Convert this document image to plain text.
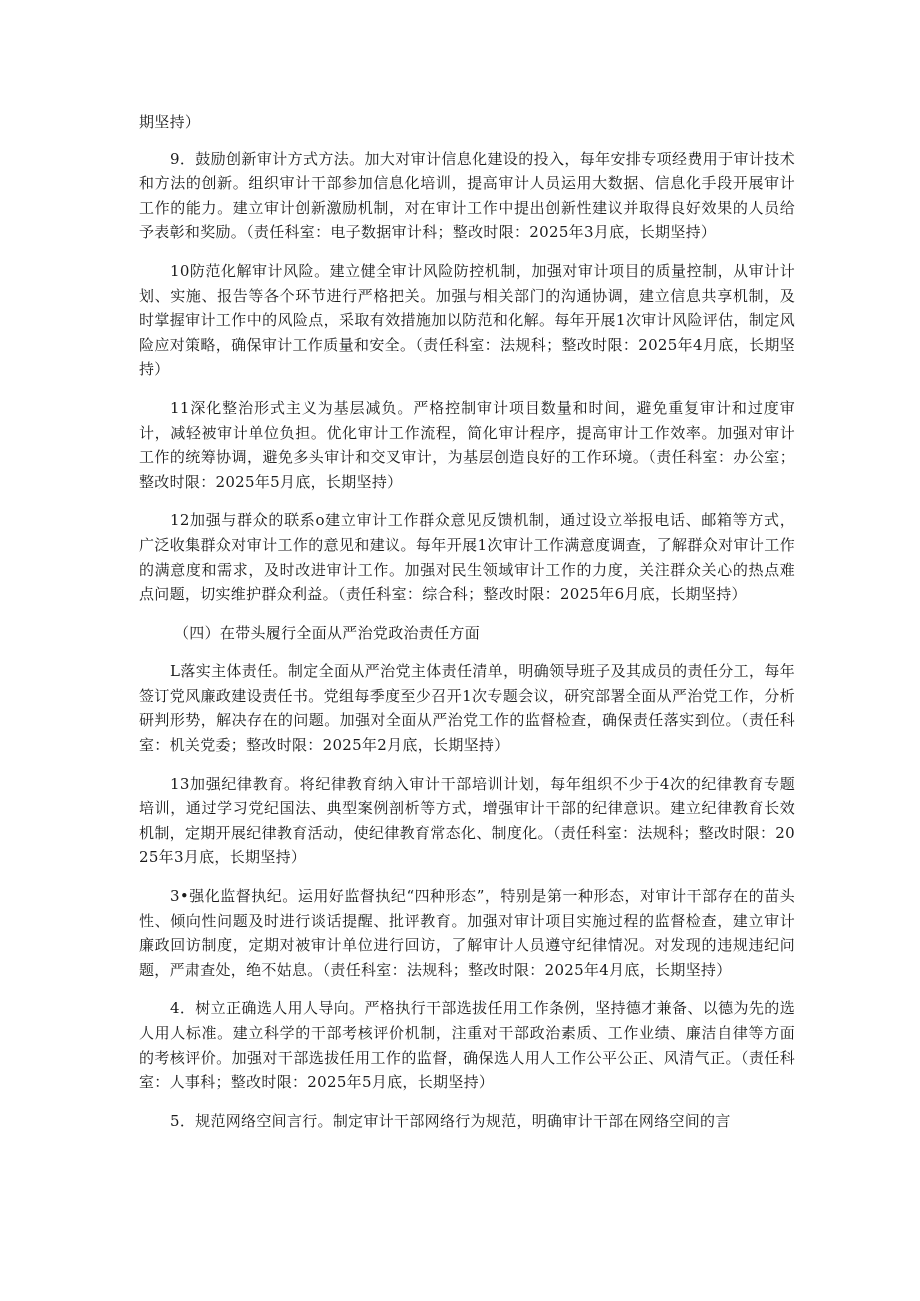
期坚持）

9．鼓励创新审计方式方法。加大对审计信息化建设的投入，每年安排专项经费用于审计技术和方法的创新。组织审计干部参加信息化培训，提高审计人员运用大数据、信息化手段开展审计工作的能力。建立审计创新激励机制，对在审计工作中提出创新性建议并取得良好效果的人员给予表彰和奖励。（责任科室：电子数据审计科；整改时限：2025年3月底，长期坚持）

10防范化解审计风险。建立健全审计风险防控机制，加强对审计项目的质量控制，从审计计划、实施、报告等各个环节进行严格把关。加强与相关部门的沟通协调，建立信息共享机制，及时掌握审计工作中的风险点，采取有效措施加以防范和化解。每年开展1次审计风险评估，制定风险应对策略，确保审计工作质量和安全。（责任科室：法规科；整改时限：2025年4月底，长期坚持）

11深化整治形式主义为基层减负。严格控制审计项目数量和时间，避免重复审计和过度审计，减轻被审计单位负担。优化审计工作流程，简化审计程序，提高审计工作效率。加强对审计工作的统筹协调，避免多头审计和交叉审计，为基层创造良好的工作环境。（责任科室：办公室；整改时限：2025年5月底，长期坚持）

12加强与群众的联系o建立审计工作群众意见反馈机制，通过设立举报电话、邮箱等方式，广泛收集群众对审计工作的意见和建议。每年开展1次审计工作满意度调查，了解群众对审计工作的满意度和需求，及时改进审计工作。加强对民生领域审计工作的力度，关注群众关心的热点难点问题，切实维护群众利益。（责任科室：综合科；整改时限：2025年6月底，长期坚持）

（四）在带头履行全面从严治党政治责任方面

L落实主体责任。制定全面从严治党主体责任清单，明确领导班子及其成员的责任分工，每年签订党风廉政建设责任书。党组每季度至少召开1次专题会议，研究部署全面从严治党工作，分析研判形势，解决存在的问题。加强对全面从严治党工作的监督检查，确保责任落实到位。（责任科室：机关党委；整改时限：2025年2月底，长期坚持）

13加强纪律教育。将纪律教育纳入审计干部培训计划，每年组织不少于4次的纪律教育专题培训，通过学习党纪国法、典型案例剖析等方式，增强审计干部的纪律意识。建立纪律教育长效机制，定期开展纪律教育活动，使纪律教育常态化、制度化。（责任科室：法规科；整改时限：2025年3月底，长期坚持）

3•强化监督执纪。运用好监督执纪“四种形态”，特别是第一种形态，对审计干部存在的苗头性、倾向性问题及时进行谈话提醒、批评教育。加强对审计项目实施过程的监督检查，建立审计廉政回访制度，定期对被审计单位进行回访，了解审计人员遵守纪律情况。对发现的违规违纪问题，严肃查处，绝不姑息。（责任科室：法规科；整改时限：2025年4月底，长期坚持）

4．树立正确选人用人导向。严格执行干部选拔任用工作条例，坚持德才兼备、以德为先的选人用人标准。建立科学的干部考核评价机制，注重对干部政治素质、工作业绩、廉洁自律等方面的考核评价。加强对干部选拔任用工作的监督，确保选人用人工作公平公正、风清气正。（责任科室：人事科；整改时限：2025年5月底，长期坚持）

5．规范网络空间言行。制定审计干部网络行为规范，明确审计干部在网络空间的言
